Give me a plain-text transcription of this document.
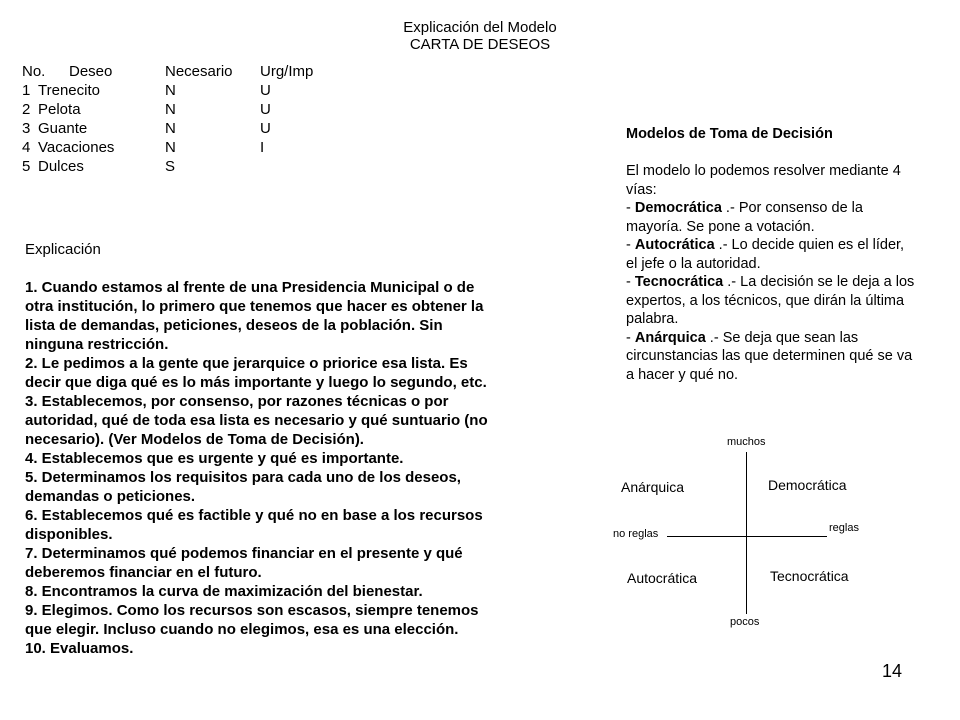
Explicación del Modelo
CARTA DE DESEOS
No. Deseo	Necesario Urg/Imp
1 Trenecito	N	U
2 Pelota	N	U
3 Guante	N	U
4 Vacaciones	N	I
5 Dulces	S
Explicación

1. Cuando estamos al frente de una Presidencia Municipal o de otra institución, lo primero que tenemos que hacer es obtener la lista de demandas, peticiones, deseos de la población. Sin ninguna restricción.

2. Le pedimos a la gente que jerarquice o priorice esa lista. Es decir que diga qué es lo más importante y luego lo segundo, etc.

3. Establecemos, por consenso, por razones técnicas o por autoridad, qué de toda esa lista es necesario y qué suntuario (no necesario). (Ver Modelos de Toma de Decisión).

4. Establecemos que es urgente y qué es importante.

5. Determinamos los requisitos para cada uno de los deseos, demandas o peticiones.

6. Establecemos qué es factible y qué no en base a los recursos disponibles.

7. Determinamos qué podemos financiar en el presente y qué deberemos financiar en el futuro.

8. Encontramos la curva de maximización del bienestar.

9. Elegimos. Como los recursos son escasos, siempre tenemos que elegir. Incluso cuando no elegimos, esa es una elección.

10. Evaluamos.

Modelos de Toma de Decisión

El modelo lo podemos resolver mediante 4 vías:

- Democrática .- Por consenso de la mayoría. Se pone a votación.

- Autocrática .- Lo decide quien es el líder, el jefe o la autoridad.

- Tecnocrática .- La decisión se le deja a los expertos, a los técnicos, que dirán la última palabra.

- Anárquica .- Se deja que sean las circunstancias las que determinen qué se va a hacer y qué no.

muchos
pocos
no reglas	reglas
Anárquica	Democrática
Autocrática	Tecnocrática
14
